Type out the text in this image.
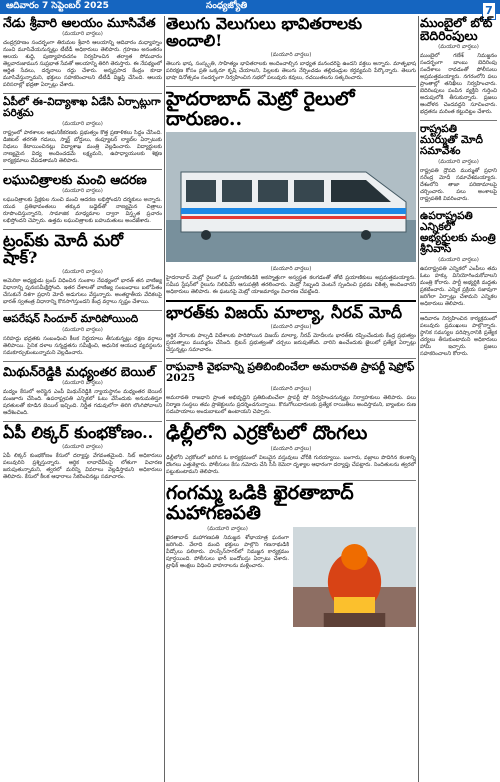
ఆదివారం 7 సెప్టెంబర్ 2025	సంధ్యజ్యోతి	7
నేడు శ్రీవారి ఆలయం మూసివేత
(మయూరి వార్తలు)
చంద్రగ్రహణం సందర్భంగా తిరుమల శ్రీవారి ఆలయాన్ని ఆదివారం మధ్యాహ్నం నుంచి మూసివేయనున్నట్లు టీటీడీ అధికారులు తెలిపారు. గ్రహణం అనంతరం ఆలయ శుద్ధి, పుణ్యాహవచనం నిర్వహించిన తర్వాత సోమవారం తెల్లవారుజామున సుప్రభాత సేవతో ఆలయాన్ని తిరిగి తెరుస్తారు. ఈ నేపథ్యంలో ఆర్జిత సేవలు, దర్శనాలు రద్దు చేశారు. అన్నప్రసాద కేంద్రం కూడా మూసివేస్తున్నామని, భక్తులు సహకరించాలని టీటీడీ విజ్ఞప్తి చేసింది. ఆలయ పరిసరాల్లో భద్రతా ఏర్పాట్లు చేశారు.
ఏపీలో ఈ-విద్యాశాఖ ఏడేసి ఏర్పాట్లుగా పరిశ్రమ
(మయూరి వార్తలు)
రాష్ట్రంలో పాఠశాలల ఆధునికీకరణకు ప్రభుత్వం కొత్త ప్రణాళికలు సిద్ధం చేసింది. డిజిటల్ తరగతి గదులు, స్మార్ట్ బోర్డులు, కంప్యూటర్ ల్యాబ్‌ల ఏర్పాటుకు నిధులు కేటాయించినట్లు విద్యాశాఖ మంత్రి వెల్లడించారు. విద్యార్థులకు నాణ్యమైన విద్య అందించడమే లక్ష్యమని, ఉపాధ్యాయులకు శిక్షణ కార్యక్రమాలు చేపడతామని తెలిపారు.
లఘుచిత్రాలకు మంచి ఆదరణ
(మయూరి వార్తలు)
లఘుచిత్రాలకు ప్రేక్షకుల నుంచి మంచి ఆదరణ లభిస్తోందని దర్శకులు అన్నారు. యువ ప్రతిభావంతులు తక్కువ బడ్జెట్‌తో నాణ్యమైన చిత్రాలు రూపొందిస్తున్నారని, సామాజిక మాధ్యమాల ద్వారా విస్తృత ప్రచారం లభిస్తోందని చెప్పారు. ఉత్తమ లఘుచిత్రాలకు బహుమతులు అందజేశారు.
ట్రంప్‌కు మోదీ మరో షాక్?
(మయూరి వార్తలు)
అమెరికా అధ్యక్షుడు ట్రంప్ విధించిన సుంకాల నేపథ్యంలో భారత్ తన వాణిజ్య విధానాన్ని పునఃసమీక్షిస్తోంది. ఇతర దేశాలతో వాణిజ్య సంబంధాలు బలోపేతం చేసుకునే దిశగా ప్రధాని మోదీ అడుగులు వేస్తున్నారు. అంతర్జాతీయ వేదికలపై భారత్ స్వతంత్ర విధానాన్ని కొనసాగిస్తుందని కేంద్ర వర్గాలు స్పష్టం చేశాయి.
ఆపరేషన్ సిందూర్ మారిపోయింది
(మయూరి వార్తలు)
సరిహద్దు భద్రతకు సంబంధించి కీలక నిర్ణయాలు తీసుకున్నట్లు రక్షణ వర్గాలు తెలిపాయి. సైనిక దళాల సన్నద్ధతను సమీక్షించి, ఆధునిక ఆయుధ వ్యవస్థలను సమకూర్చుకుంటున్నామని వెల్లడించారు.
మిథున్‌రెడ్డికి మధ్యంతర బెయిల్
(మయూరి వార్తలు)
మద్యం కేసులో అరెస్టైన ఎంపీ మిథున్‌రెడ్డికి న్యాయస్థానం మధ్యంతర బెయిల్ మంజూరు చేసింది. ఉపరాష్ట్రపతి ఎన్నికలో ఓటు వేసేందుకు అనుమతిస్తూ షరతులతో కూడిన బెయిల్ ఇచ్చింది. నిర్ణీత గడువులోగా తిరిగి లొంగిపోవాలని ఆదేశించింది.
ఏపీ లిక్కర్ కుంభకోణం..
(మయూరి వార్తలు)
ఏపీ లిక్కర్ కుంభకోణం కేసులో దర్యాప్తు వేగవంతమైంది. సిట్ అధికారులు పలువురిని ప్రశ్నిస్తున్నారు. ఆర్థిక లావాదేవీలపై లోతుగా విచారణ జరుపుతున్నామని, త్వరలో మరిన్ని వివరాలు వెల్లడిస్తామని అధికారులు తెలిపారు. కేసులో కీలక ఆధారాలు సేకరించినట్లు సమాచారం.
తెలుగు వెలుగులు భావితరాలకు అందాలి!
(మయూరి వార్తలు)
తెలుగు భాష, సంస్కృతి, సాహిత్యం భావితరాలకు అందించాల్సిన బాధ్యత మనందరిపై ఉందని వక్తలు అన్నారు. మాతృభాష పరిరక్షణ కోసం ప్రతి ఒక్కరూ కృషి చేయాలని, పిల్లలకు తెలుగు నేర్పించడం తల్లిదండ్రుల కర్తవ్యమని పేర్కొన్నారు. తెలుగు భాషా దినోత్సవం సందర్భంగా నిర్వహించిన సభలో పలువురు కవులు, రచయితలను సత్కరించారు.
హైదరాబాద్ మెట్రో రైలులో దారుణం..
(మయూరి వార్తలు)
హైదరాబాద్ మెట్రో రైలులో ఓ ప్రయాణికుడికి అకస్మాత్తుగా అస్వస్థత కలగడంతో తోటి ప్రయాణికులు అప్రమత్తమయ్యారు. సమీప స్టేషన్‌లో రైలును నిలిపివేసి ఆసుపత్రికి తరలించారు. మెట్రో సిబ్బంది వెంటనే స్పందించి ప్రథమ చికిత్స అందించారని అధికారులు తెలిపారు. ఈ ఘటనపై మెట్రో యాజమాన్యం విచారణ చేపట్టింది.
భారత్‌కు విజయ్ మాల్యా, నీరవ్ మోదీ
(మయూరి వార్తలు)
ఆర్థిక నేరాలకు పాల్పడి విదేశాలకు పారిపోయిన విజయ్ మాల్యా, నీరవ్ మోదీలను భారత్‌కు రప్పించేందుకు కేంద్ర ప్రభుత్వం ప్రయత్నాలు ముమ్మరం చేసింది. బ్రిటన్ ప్రభుత్వంతో చర్చలు జరుపుతోంది. వారిని ఉంచేందుకు జైలులో ప్రత్యేక ఏర్పాట్లు చేస్తున్నట్లు సమాచారం.
రాఘవాకి వైభవాన్ని ప్రతిబింబించేలా అమరావతి ప్రాపర్టీ షెప్రోఫ్ 2025
(మయూరి వార్తలు)
అమరావతి రాజధాని ప్రాంత అభివృద్ధిని ప్రతిబింబించేలా ప్రాపర్టీ షో నిర్వహించనున్నట్లు నిర్వాహకులు తెలిపారు. పలు నిర్మాణ సంస్థలు తమ ప్రాజెక్టులను ప్రదర్శించనున్నాయి. కొనుగోలుదారులకు ప్రత్యేక రాయితీలు అందిస్తామని, బ్యాంకుల రుణ సదుపాయాలు అందుబాటులో ఉంటాయని చెప్పారు.
ఢిల్లీలోని ఎర్రకోటలో దొంగలు
(మయూరి వార్తలు)
ఢిల్లీలోని ఎర్రకోటలో జరిగిన ఓ కార్యక్రమంలో విలువైన వస్తువులు చోరీకి గురయ్యాయి. బంగారు, వజ్రాలు పొదిగిన కలశాన్ని దొంగలు ఎత్తుకెళ్లారు. పోలీసులు కేసు నమోదు చేసి సీసీ కెమెరా దృశ్యాల ఆధారంగా దర్యాప్తు చేపట్టారు. నిందితులను త్వరలో పట్టుకుంటామని తెలిపారు.
గంగమ్మ ఒడికి ఖైరతాబాద్ మహాగణపతి
(మయూరి వార్తలు)
ఖైరతాబాద్ మహాగణపతి నిమజ్జన శోభాయాత్ర ఘనంగా జరిగింది. వేలాది మంది భక్తులు పాల్గొని గణనాథుడికి వీడ్కోలు పలికారు. హుస్సేన్‌సాగర్‌లో నిమజ్జన కార్యక్రమం పూర్తయింది. పోలీసులు భారీ బందోబస్తు ఏర్పాటు చేశారు. ట్రాఫిక్ ఆంక్షలు విధించి వాహనాలను మళ్లించారు.
ముంబైలో బోట్ బెదిరింపులు
(మయూరి వార్తలు)
ముంబైలో గణేశ్ నిమజ్జనం సందర్భంగా బాంబు బెదిరింపు సందేశాలు రావడంతో పోలీసులు అప్రమత్తమయ్యారు. నగరంలోని పలు ప్రాంతాల్లో తనిఖీలు నిర్వహించారు. బెదిరింపులు పంపిన వ్యక్తిని గుర్తించి అదుపులోకి తీసుకున్నారు. ప్రజలు ఆందోళన చెందవద్దని సూచించారు. భద్రతను మరింత కట్టుదిట్టం చేశారు.
రాష్ట్రపతి ముర్ముతో మోదీ సమావేశం
(మయూరి వార్తలు)
రాష్ట్రపతి ద్రౌపది ముర్ముతో ప్రధాని నరేంద్ర మోదీ సమావేశమయ్యారు. దేశంలోని తాజా పరిణామాలపై చర్చించారు. పలు అంశాలపై రాష్ట్రపతికి వివరించారు.
ఉపరాష్ట్రపతి ఎన్నికలో అభ్యర్థులకు మంత్రి శ్రీనివాస్
(మయూరి వార్తలు)
ఉపరాష్ట్రపతి ఎన్నికలో ఎంపీలు తమ ఓటు హక్కు వినియోగించుకోవాలని మంత్రి కోరారు. పార్టీ అభ్యర్థికి మద్దతు ప్రకటించారు. ఎన్నిక ప్రక్రియ సజావుగా జరిగేలా ఏర్పాట్లు చేశామని ఎన్నికల అధికారులు తెలిపారు.
ఆదివారం నిర్వహించిన కార్యక్రమంలో పలువురు ప్రముఖులు పాల్గొన్నారు. స్థానిక సమస్యల పరిష్కారానికి ప్రత్యేక చర్యలు తీసుకుంటామని అధికారులు హామీ ఇచ్చారు. ప్రజలు సహకరించాలని కోరారు.
